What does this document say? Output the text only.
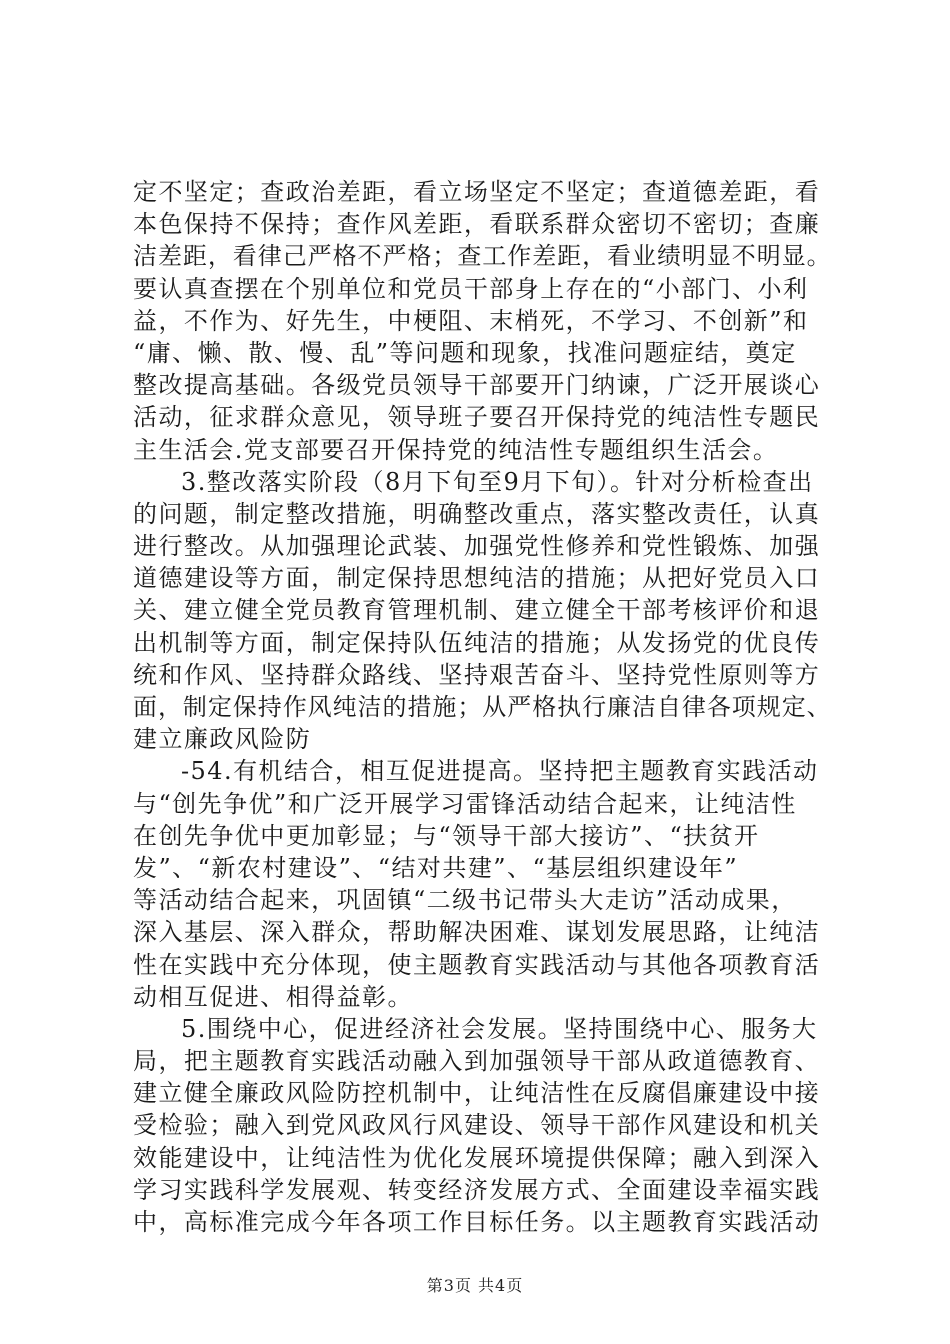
定不坚定；查政治差距，看立场坚定不坚定；查道德差距，看
本色保持不保持；查作风差距，看联系群众密切不密切；查廉
洁差距，看律己严格不严格；查工作差距，看业绩明显不明显。
要认真查摆在个别单位和党员干部身上存在的“小部门、小利
益，不作为、好先生，中梗阻、末梢死，不学习、不创新”和
“庸、懒、散、慢、乱”等问题和现象，找准问题症结，奠定
整改提高基础。各级党员领导干部要开门纳谏，广泛开展谈心
活动，征求群众意见，领导班子要召开保持党的纯洁性专题民
主生活会.党支部要召开保持党的纯洁性专题组织生活会。
3.整改落实阶段（8月下旬至9月下旬）。针对分析检查出
的问题，制定整改措施，明确整改重点，落实整改责任，认真
进行整改。从加强理论武装、加强党性修养和党性锻炼、加强
道德建设等方面，制定保持思想纯洁的措施；从把好党员入口
关、建立健全党员教育管理机制、建立健全干部考核评价和退
出机制等方面，制定保持队伍纯洁的措施；从发扬党的优良传
统和作风、坚持群众路线、坚持艰苦奋斗、坚持党性原则等方
面，制定保持作风纯洁的措施；从严格执行廉洁自律各项规定、
建立廉政风险防
-54.有机结合，相互促进提高。坚持把主题教育实践活动
与“创先争优”和广泛开展学习雷锋活动结合起来，让纯洁性
在创先争优中更加彰显；与“领导干部大接访”、“扶贫开
发”、“新农村建设”、“结对共建”、“基层组织建设年”
等活动结合起来，巩固镇“二级书记带头大走访”活动成果，
深入基层、深入群众，帮助解决困难、谋划发展思路，让纯洁
性在实践中充分体现，使主题教育实践活动与其他各项教育活
动相互促进、相得益彰。
5.围绕中心，促进经济社会发展。坚持围绕中心、服务大
局，把主题教育实践活动融入到加强领导干部从政道德教育、
建立健全廉政风险防控机制中，让纯洁性在反腐倡廉建设中接
受检验；融入到党风政风行风建设、领导干部作风建设和机关
效能建设中，让纯洁性为优化发展环境提供保障；融入到深入
学习实践科学发展观、转变经济发展方式、全面建设幸福实践
中，高标准完成今年各项工作目标任务。以主题教育实践活动
第3页 共4页
